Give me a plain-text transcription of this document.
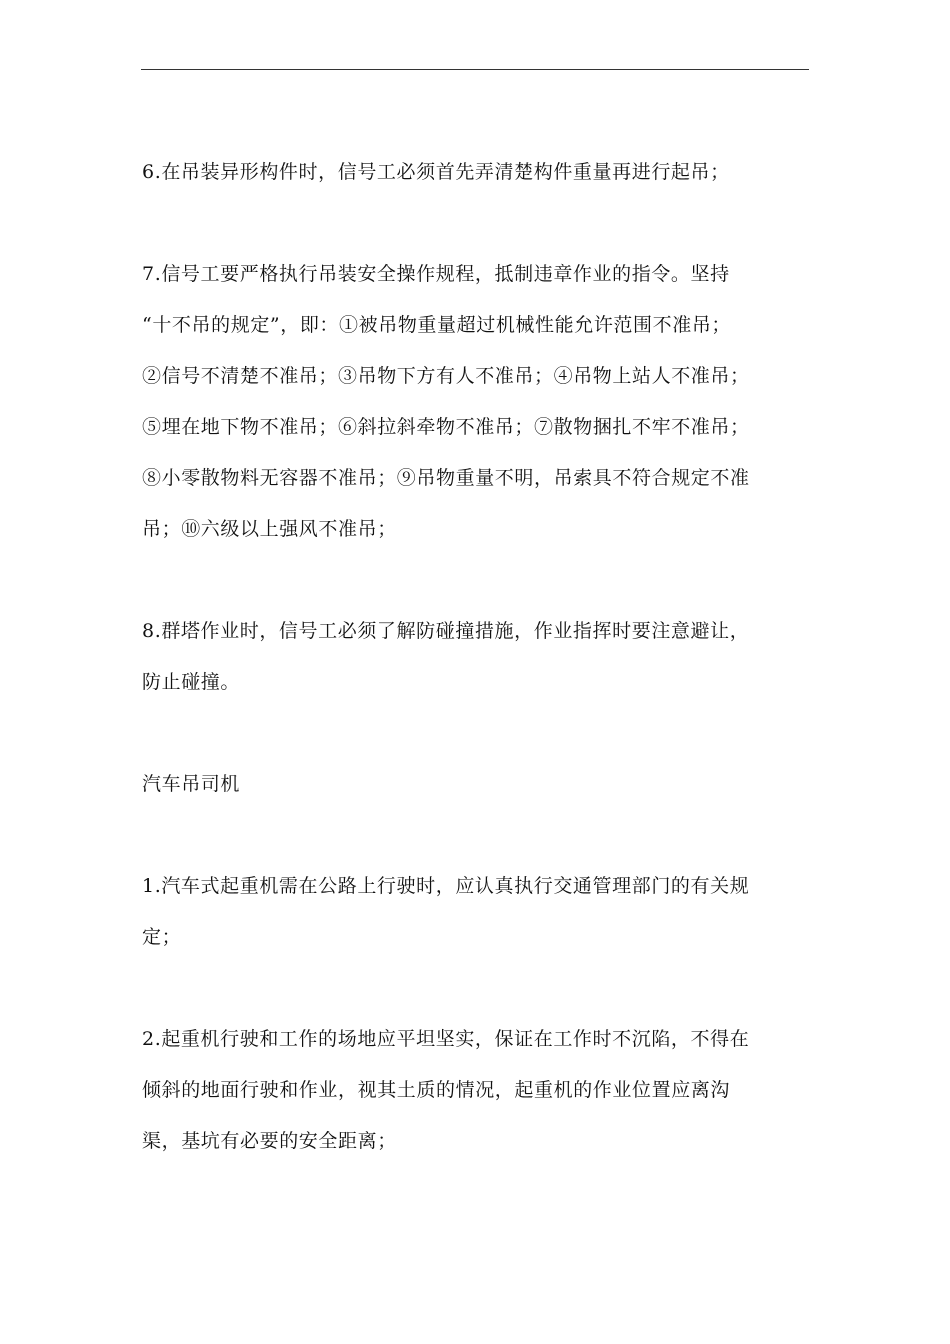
6.在吊装异形构件时，信号工必须首先弄清楚构件重量再进行起吊；
7.信号工要严格执行吊装安全操作规程，抵制违章作业的指令。坚持
“十不吊的规定”，即：①被吊物重量超过机械性能允许范围不准吊；
②信号不清楚不准吊；③吊物下方有人不准吊；④吊物上站人不准吊；
⑤埋在地下物不准吊；⑥斜拉斜牵物不准吊；⑦散物捆扎不牢不准吊；
⑧小零散物料无容器不准吊；⑨吊物重量不明，吊索具不符合规定不准
吊；⑩六级以上强风不准吊；
8.群塔作业时，信号工必须了解防碰撞措施，作业指挥时要注意避让，
防止碰撞。
汽车吊司机
1.汽车式起重机需在公路上行驶时，应认真执行交通管理部门的有关规
定；
2.起重机行驶和工作的场地应平坦坚实，保证在工作时不沉陷，不得在
倾斜的地面行驶和作业，视其土质的情况，起重机的作业位置应离沟
渠，基坑有必要的安全距离；
